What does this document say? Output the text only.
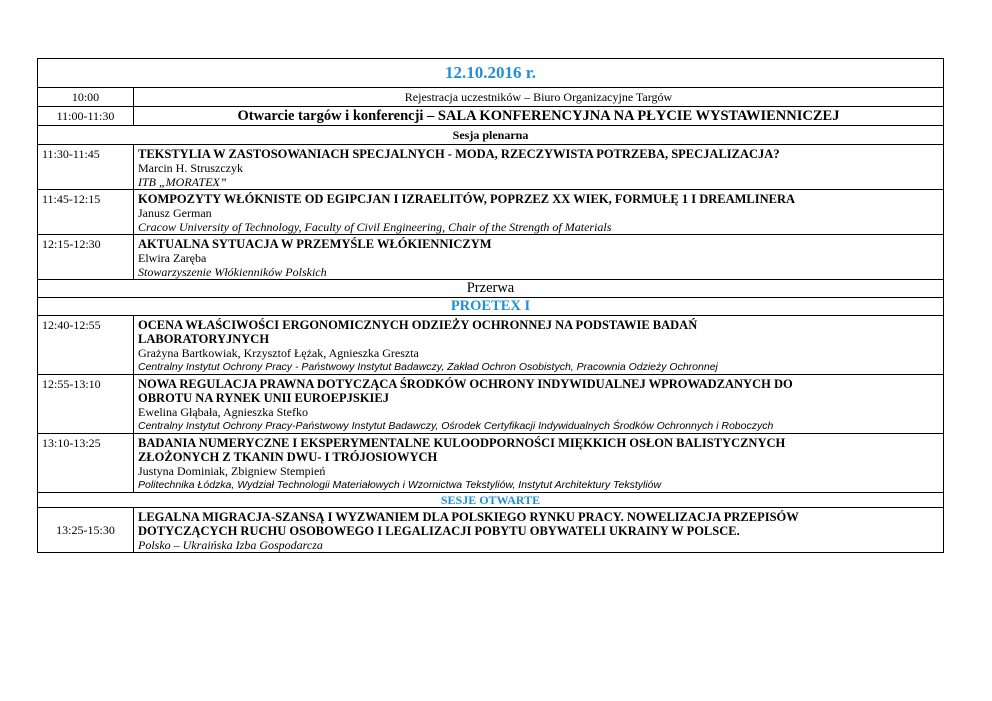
12.10.2016 r.	
10:00	Rejestracja uczestników – Biuro Organizacyjne Targów
11:00-11:30	Otwarcie targów i konferencji – SALA KONFERENCYJNA NA PŁYCIE WYSTAWIENNICZEJ
Sesja plenarna	
11:30-11:45	TEKSTYLIA W ZASTOSOWANIACH SPECJALNYCH - MODA, RZECZYWISTA POTRZEBA, SPECJALIZACJA?
Marcin H. Struszczyk
ITB „MORATEX”

11:45-12:15	KOMPOZYTY WŁÓKNISTE OD EGIPCJAN I IZRAELITÓW, POPRZEZ XX WIEK, FORMUŁĘ 1 I DREAMLINERA
Janusz German
Cracow University of Technology, Faculty of Civil Engineering, Chair of the Strength of Materials

12:15-12:30	AKTUALNA SYTUACJA W PRZEMYŚLE WŁÓKIENNICZYM
Elwira Zaręba
Stowarzyszenie Włókienników Polskich

Przerwa	
PROETEX I	
12:40-12:55	OCENA WŁAŚCIWOŚCI ERGONOMICZNYCH ODZIEŻY OCHRONNEJ NA PODSTAWIE BADAŃ
LABORATORYJNYCH
Grażyna Bartkowiak, Krzysztof Łężak, Agnieszka Greszta
Centralny Instytut Ochrony Pracy - Państwowy Instytut Badawczy, Zakład Ochron Osobistych, Pracownia Odzieży Ochronnej

12:55-13:10	NOWA REGULACJA PRAWNA DOTYCZĄCA ŚRODKÓW OCHRONY INDYWIDUALNEJ WPROWADZANYCH DO
OBROTU NA RYNEK UNII EUROEPJSKIEJ
Ewelina Głąbała, Agnieszka Stefko
Centralny Instytut Ochrony Pracy-Państwowy Instytut Badawczy, Ośrodek Certyfikacji Indywidualnych Środków Ochronnych i Roboczych

13:10-13:25	BADANIA NUMERYCZNE I EKSPERYMENTALNE KULOODPORNOŚCI MIĘKKICH OSŁON BALISTYCZNYCH
ZŁOŻONYCH Z TKANIN DWU- I TRÓJOSIOWYCH
Justyna Dominiak, Zbigniew Stempień
Politechnika Łódzka, Wydział Technologii Materiałowych i Wzornictwa Tekstyliów, Instytut Architektury Tekstyliów

SESJE OTWARTE	
13:25-15:30	LEGALNA MIGRACJA-SZANSĄ I WYZWANIEM DLA POLSKIEGO RYNKU PRACY. NOWELIZACJA PRZEPISÓW
DOTYCZĄCYCH RUCHU OSOBOWEGO I LEGALIZACJI POBYTU OBYWATELI UKRAINY W POLSCE.
Polsko – Ukraińska Izba Gospodarcza
